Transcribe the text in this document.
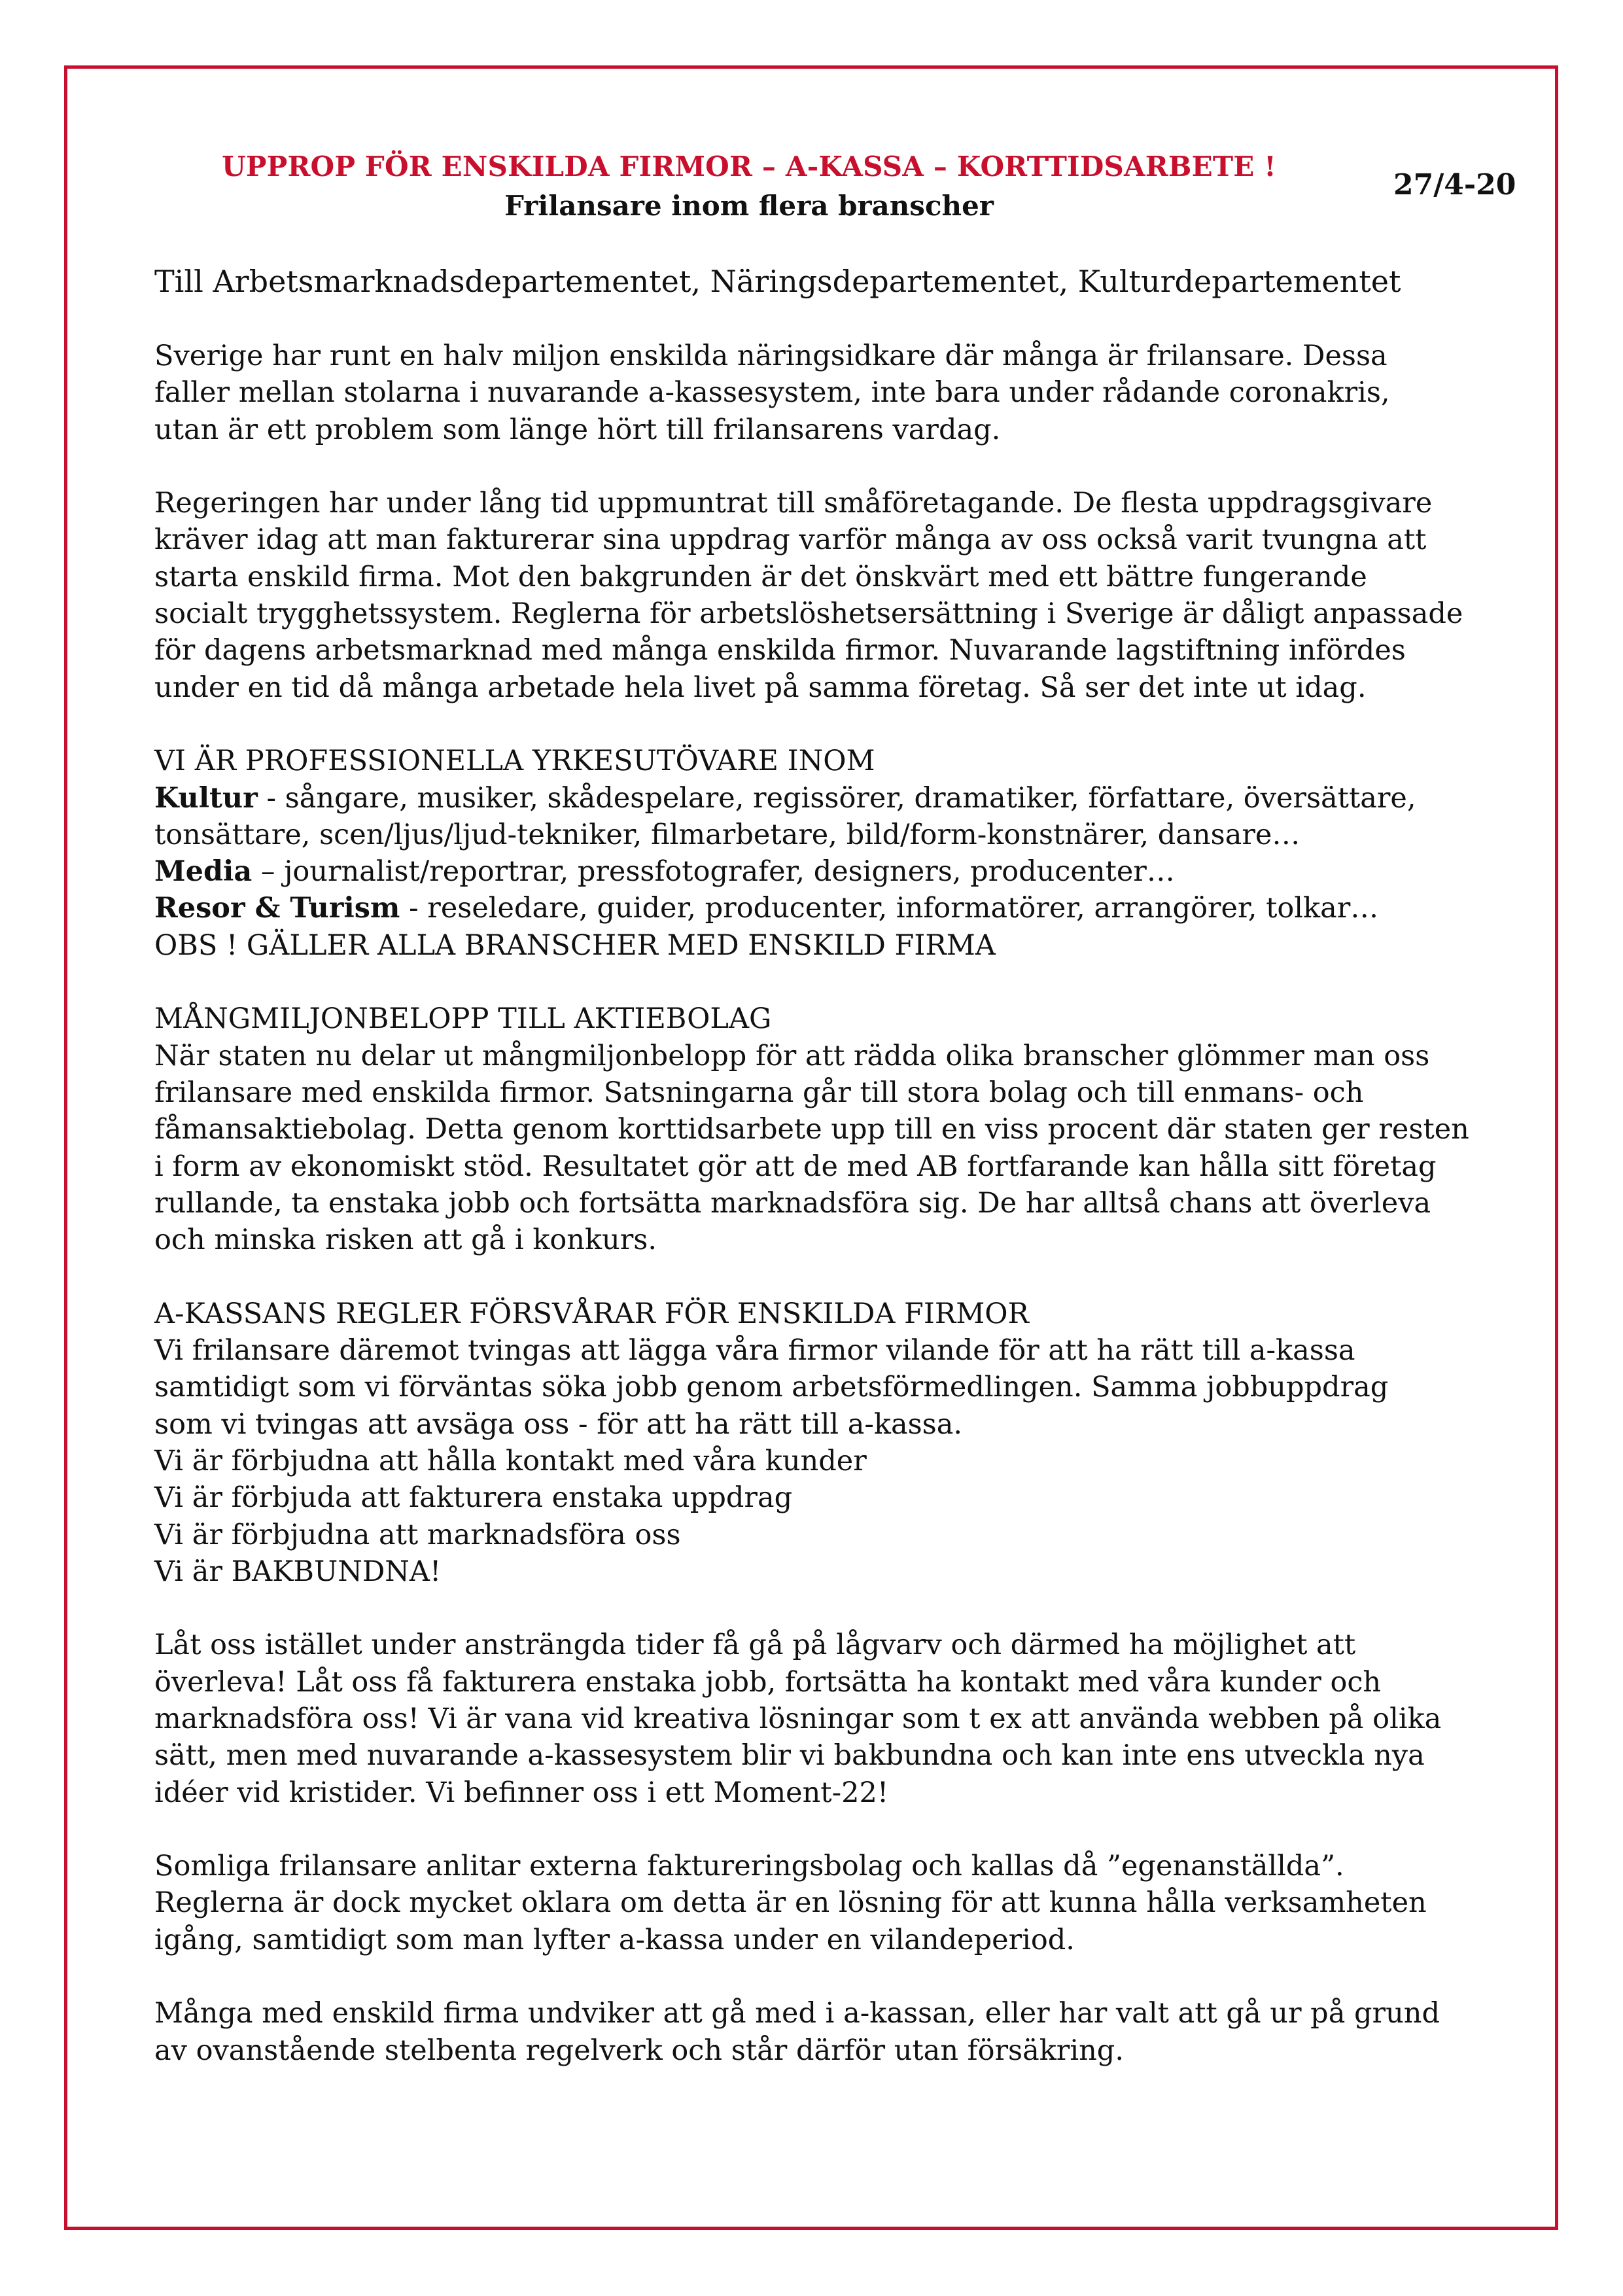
UPPROP FÖR ENSKILDA FIRMOR – A-KASSA – KORTTIDSARBETE !
Frilansare inom flera branscher
27/4-20
Till Arbetsmarknadsdepartementet, Näringsdepartementet, Kulturdepartementet
Sverige har runt en halv miljon enskilda näringsidkare där många är frilansare. Dessa
faller mellan stolarna i nuvarande a-kassesystem, inte bara under rådande coronakris,
utan är ett problem som länge hört till frilansarens vardag.
Regeringen har under lång tid uppmuntrat till småföretagande. De flesta uppdragsgivare
kräver idag att man fakturerar sina uppdrag varför många av oss också varit tvungna att
starta enskild firma. Mot den bakgrunden är det önskvärt med ett bättre fungerande
socialt trygghetssystem. Reglerna för arbetslöshetsersättning i Sverige är dåligt anpassade
för dagens arbetsmarknad med många enskilda firmor. Nuvarande lagstiftning infördes
under en tid då många arbetade hela livet på samma företag. Så ser det inte ut idag.
VI ÄR PROFESSIONELLA YRKESUTÖVARE INOM
Kultur - sångare, musiker, skådespelare, regissörer, dramatiker, författare, översättare,
tonsättare, scen/ljus/ljud-tekniker, filmarbetare, bild/form-konstnärer, dansare…
Media – journalist/reportrar, pressfotografer, designers, producenter…
Resor & Turism - reseledare, guider, producenter, informatörer, arrangörer, tolkar…
OBS ! GÄLLER ALLA BRANSCHER MED ENSKILD FIRMA
MÅNGMILJONBELOPP TILL AKTIEBOLAG
När staten nu delar ut mångmiljonbelopp för att rädda olika branscher glömmer man oss
frilansare med enskilda firmor. Satsningarna går till stora bolag och till enmans- och
fåmansaktiebolag. Detta genom korttidsarbete upp till en viss procent där staten ger resten
i form av ekonomiskt stöd. Resultatet gör att de med AB fortfarande kan hålla sitt företag
rullande, ta enstaka jobb och fortsätta marknadsföra sig. De har alltså chans att överleva
och minska risken att gå i konkurs.
A-KASSANS REGLER FÖRSVÅRAR FÖR ENSKILDA FIRMOR
Vi frilansare däremot tvingas att lägga våra firmor vilande för att ha rätt till a-kassa
samtidigt som vi förväntas söka jobb genom arbetsförmedlingen. Samma jobbuppdrag
som vi tvingas att avsäga oss - för att ha rätt till a-kassa.
Vi är förbjudna att hålla kontakt med våra kunder
Vi är förbjuda att fakturera enstaka uppdrag
Vi är förbjudna att marknadsföra oss
Vi är BAKBUNDNA!
Låt oss istället under ansträngda tider få gå på lågvarv och därmed ha möjlighet att
överleva! Låt oss få fakturera enstaka jobb, fortsätta ha kontakt med våra kunder och
marknadsföra oss! Vi är vana vid kreativa lösningar som t ex att använda webben på olika
sätt, men med nuvarande a-kassesystem blir vi bakbundna och kan inte ens utveckla nya
idéer vid kristider. Vi befinner oss i ett Moment-22!
Somliga frilansare anlitar externa faktureringsbolag och kallas då ”egenanställda”.
Reglerna är dock mycket oklara om detta är en lösning för att kunna hålla verksamheten
igång, samtidigt som man lyfter a-kassa under en vilandeperiod.
Många med enskild firma undviker att gå med i a-kassan, eller har valt att gå ur på grund
av ovanstående stelbenta regelverk och står därför utan försäkring.
